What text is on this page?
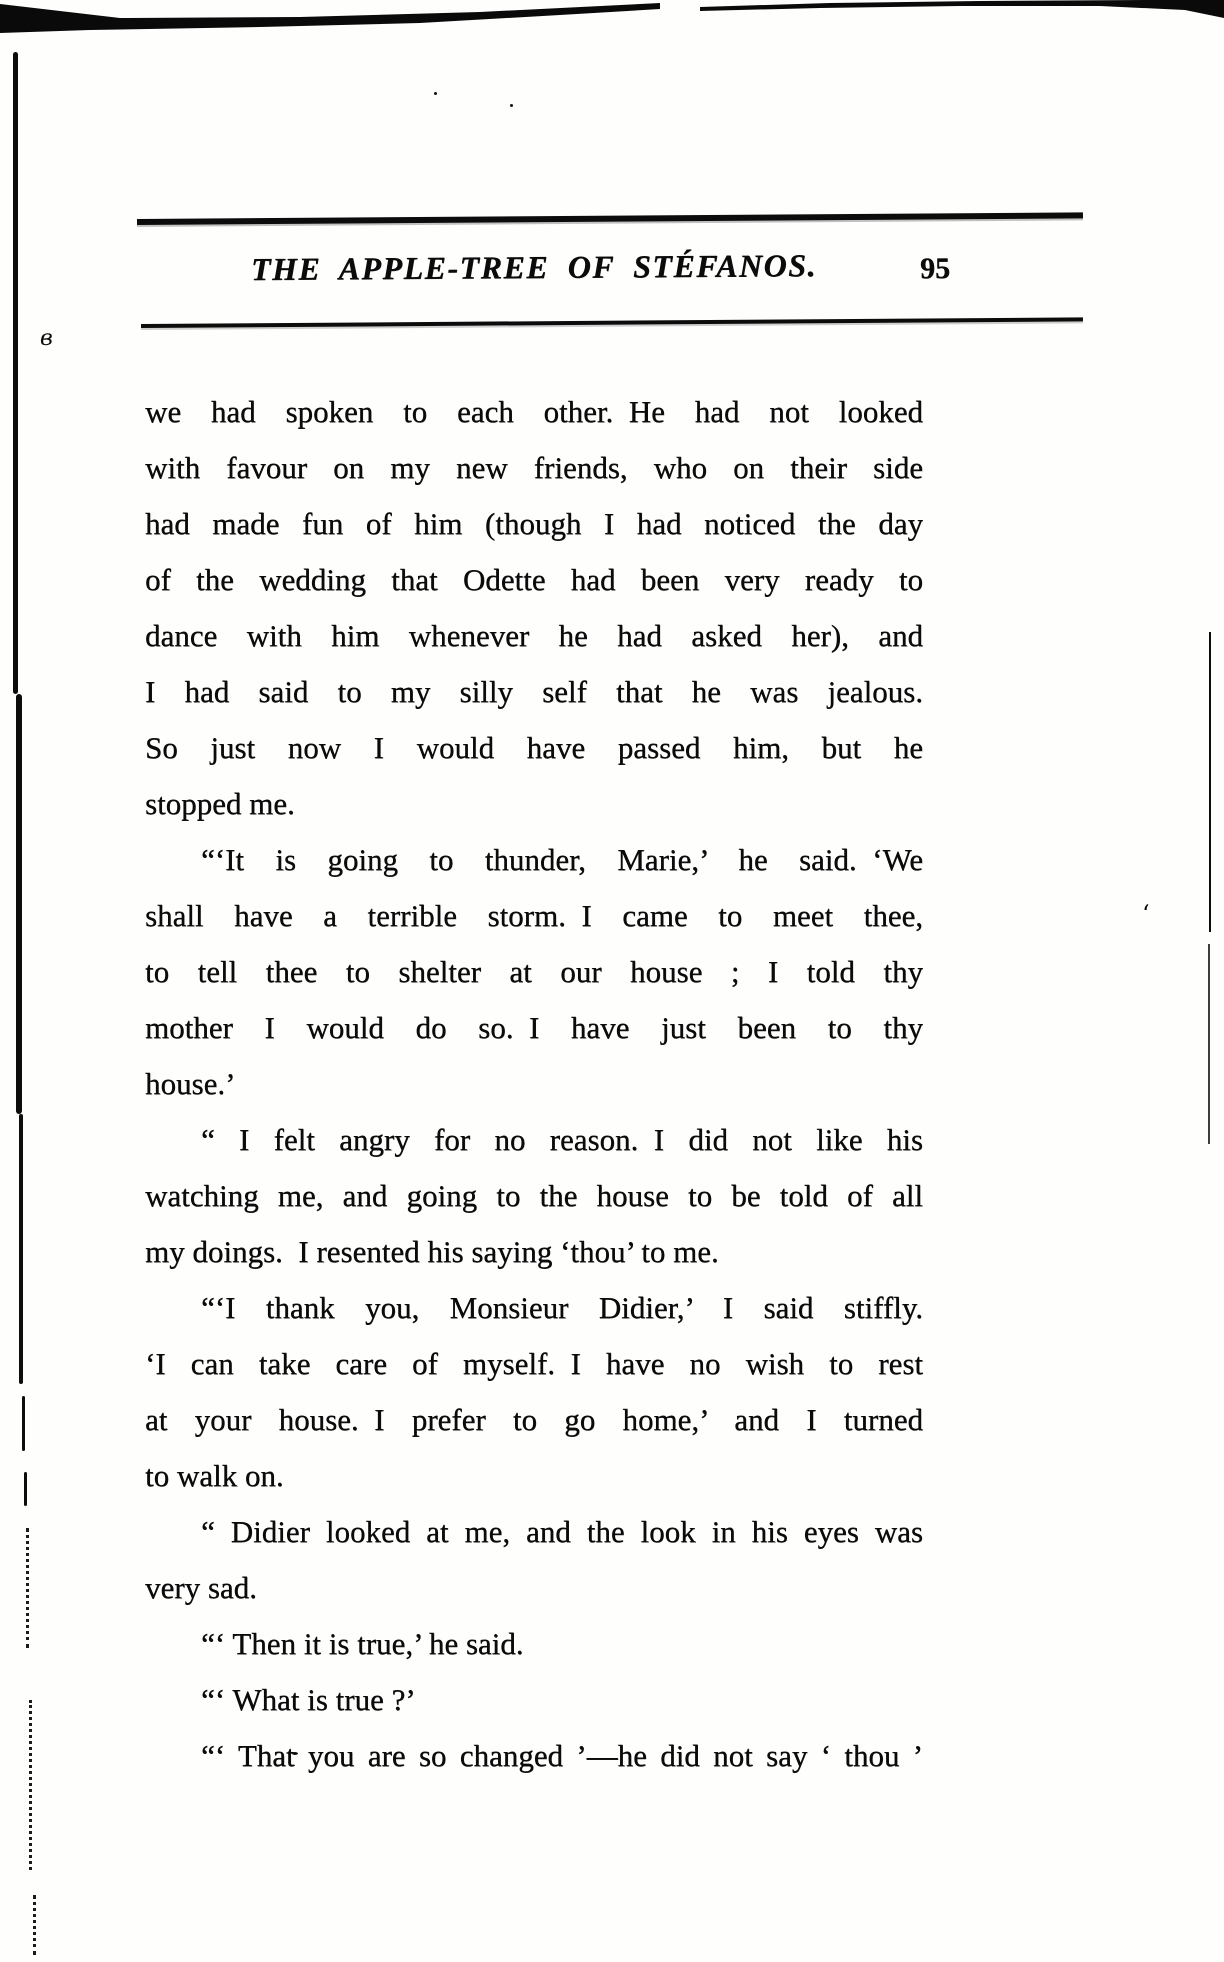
в
‘
THE APPLE-TREE OF STÉFANOS.	95
we had spoken to each other. He had not looked
with favour on my new friends, who on their side
had made fun of him (though I had noticed the day
of the wedding that Odette had been very ready to
dance with him whenever he had asked her), and
I had said to my silly self that he was jealous.
So just now I would have passed him, but he
stopped me.
“‘It is going to thunder, Marie,’ he said. ‘We
shall have a terrible storm. I came to meet thee,
to tell thee to shelter at our house ; I told thy
mother I would do so. I have just been to thy
house.’
“ I felt angry for no reason. I did not like his
watching me, and going to the house to be told of all
my doings. I resented his saying ‘thou’ to me.
“‘I thank you, Monsieur Didier,’ I said stiffly.
‘I can take care of myself. I have no wish to rest
at your house. I prefer to go home,’ and I turned
to walk on.
“ Didier looked at me, and the look in his eyes was
very sad.
“‘ Then it is true,’ he said.
“‘ What is true ?’
“‘ That you are so changed ’—he did not say ‘ thou ’
